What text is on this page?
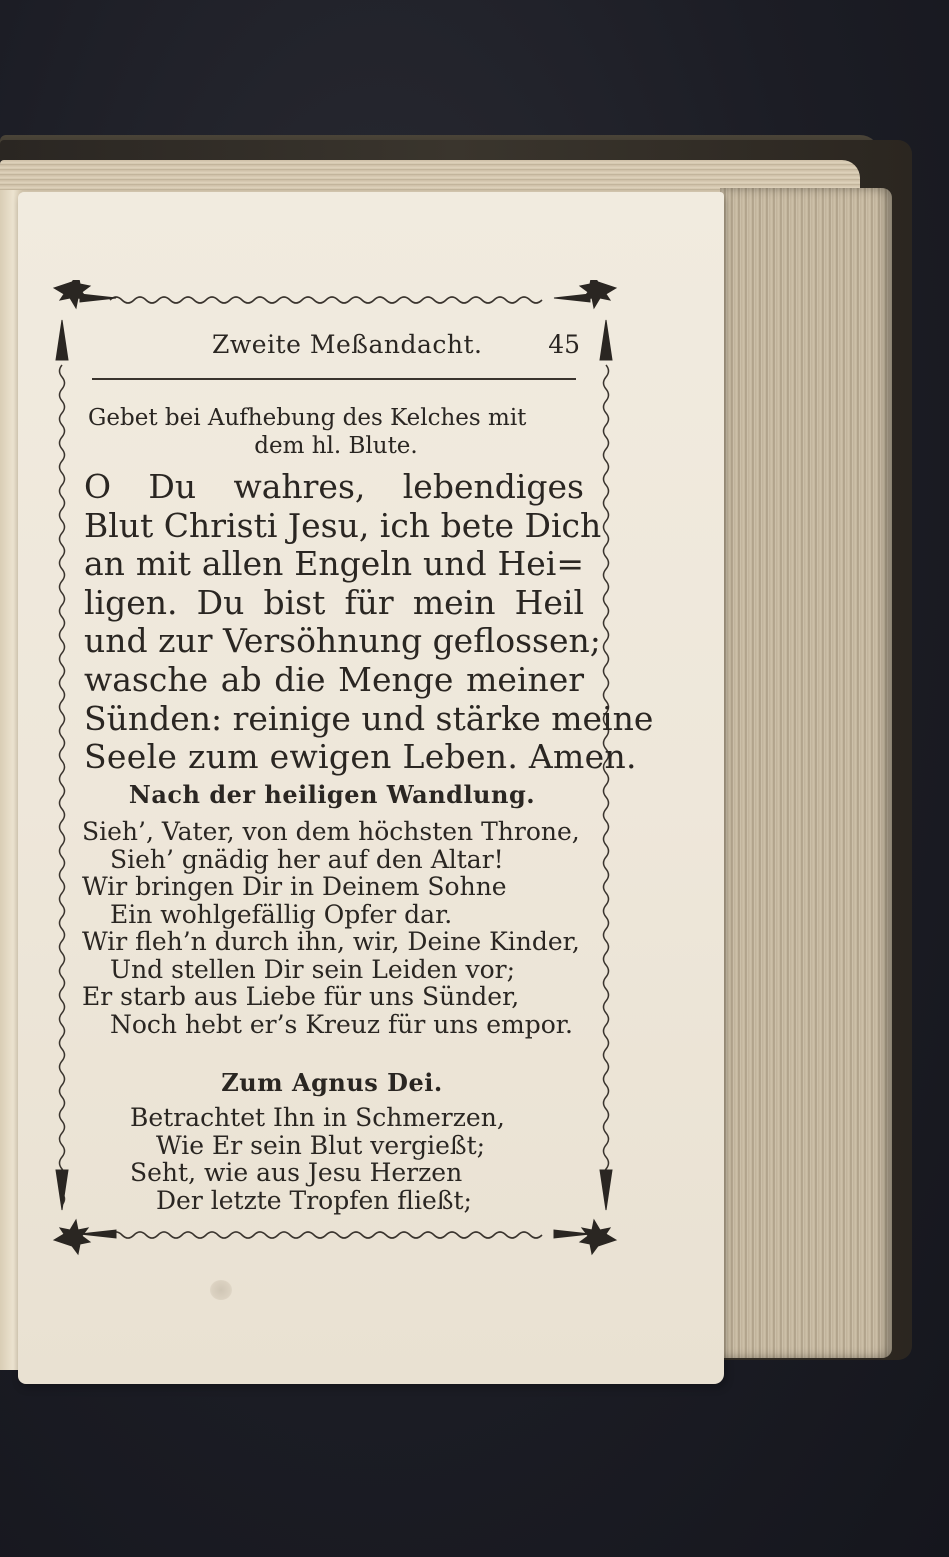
Zweite Meßandacht.	45
Gebet bei Aufhebung des Kelches mit
dem hl. Blute.
O Du wahres, lebendiges
Blut Christi Jesu, ich bete Dich
an mit allen Engeln und Hei=
ligen. Du bist für mein Heil
und zur Versöhnung geflossen;
wasche ab die Menge meiner
Sünden: reinige und stärke meine
Seele zum ewigen Leben. Amen.
Nach der heiligen Wandlung.
Sieh’, Vater, von dem höchsten Throne,
Sieh’ gnädig her auf den Altar!
Wir bringen Dir in Deinem Sohne
Ein wohlgefällig Opfer dar.
Wir fleh’n durch ihn, wir, Deine Kinder,
Und stellen Dir sein Leiden vor;
Er starb aus Liebe für uns Sünder,
Noch hebt er’s Kreuz für uns empor.
Zum Agnus Dei.
Betrachtet Ihn in Schmerzen,
Wie Er sein Blut vergießt;
Seht, wie aus Jesu Herzen
Der letzte Tropfen fließt;
